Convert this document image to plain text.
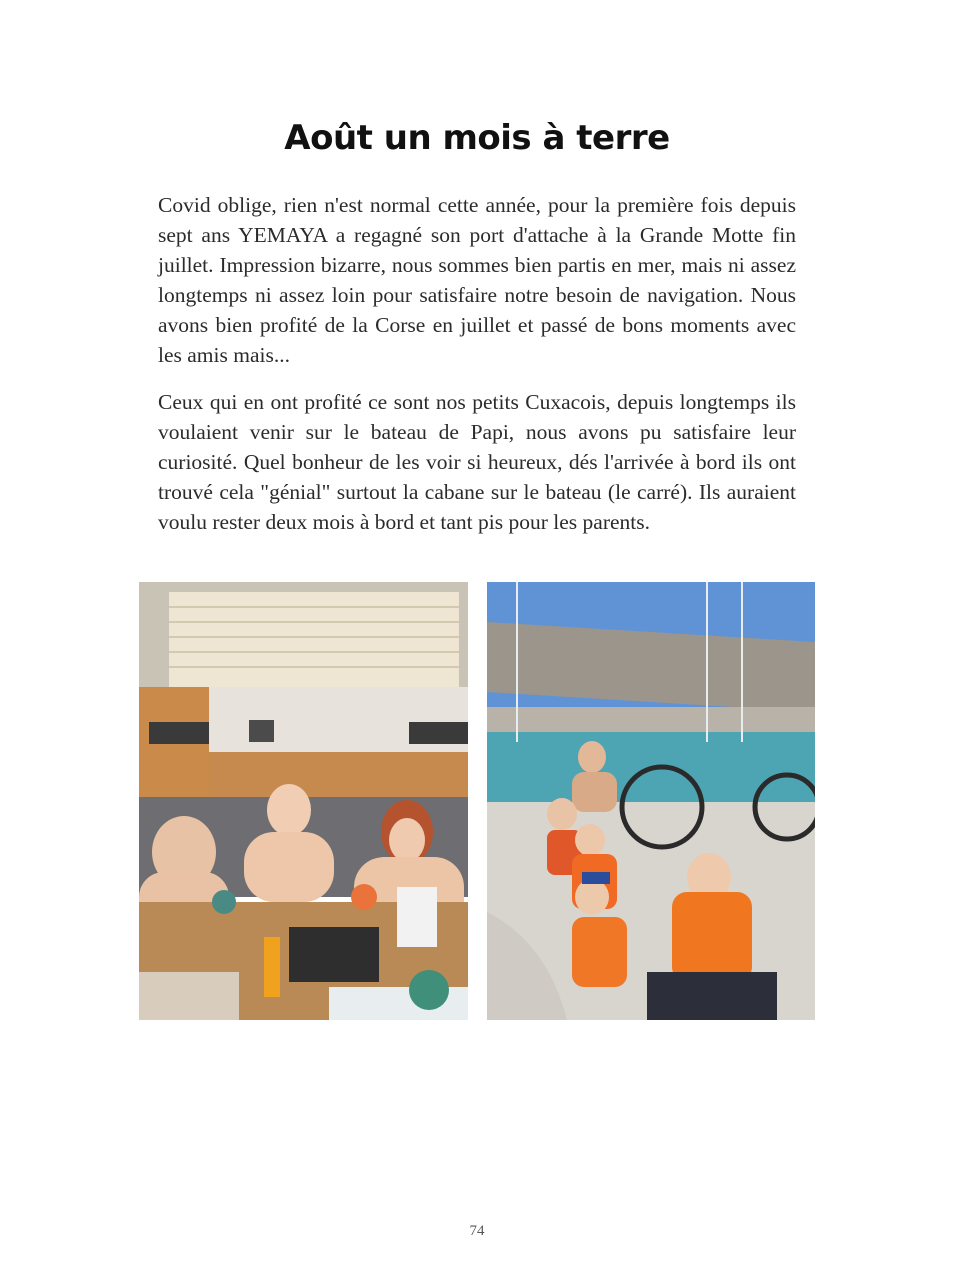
Août un mois à terre

Covid oblige, rien n'est normal cette année, pour la première fois depuis sept ans YEMAYA a regagné son port d'attache à la Grande Motte fin juillet. Impression bizarre, nous sommes bien partis en mer, mais ni assez longtemps ni assez loin pour satisfaire notre besoin de navigation. Nous avons bien profité de la Corse en juillet et passé de bons moments avec les amis mais...

Ceux qui en ont profité ce sont nos petits Cuxacois, depuis longtemps ils voulaient venir sur le bateau de Papi, nous avons pu satisfaire leur curiosité. Quel bonheur de les voir si heureux, dés l'arrivée à bord ils ont trouvé cela "génial" surtout la cabane sur le bateau (le carré). Ils auraient voulu rester deux mois à bord et tant pis pour les parents.

74
